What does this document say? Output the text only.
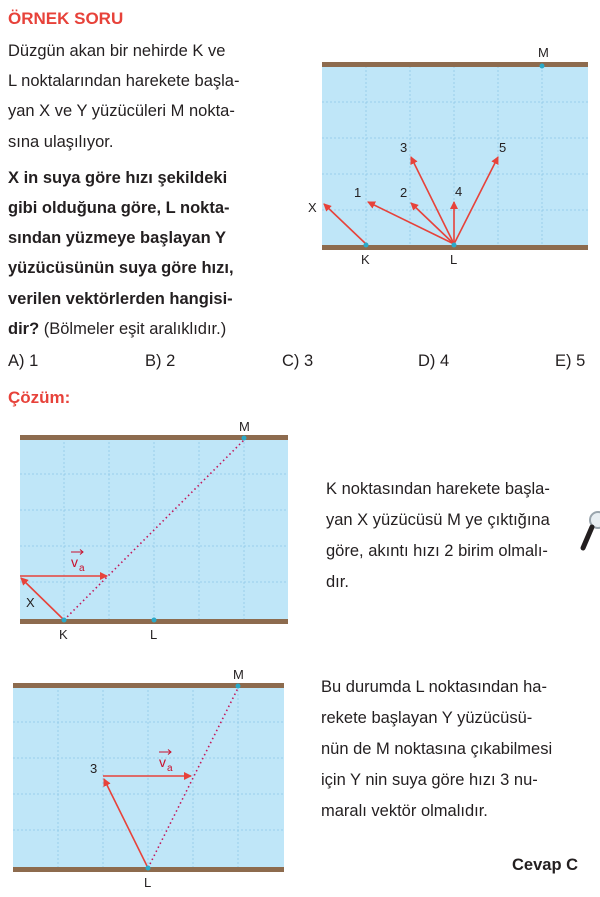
ÖRNEK SORU
Düzgün akan bir nehirde K ve
L noktalarından harekete başla-
yan X ve Y yüzücüleri M nokta-
sına ulaşılıyor.
X in suya göre hızı şekildeki
gibi olduğuna göre, L nokta-
sından yüzmeye başlayan Y
yüzücüsünün suya göre hızı,
verilen vektörlerden hangisi-
dir? (Bölmeler eşit aralıklıdır.)
M
K	L
X
1	2
3
4
5
A) 1	B) 2	C) 3	D) 4	E) 5
Çözüm:
M
K	L
X
v a
K noktasından harekete başla-
yan X yüzücüsü M ye çıktığına
göre, akıntı hızı 2 birim olmalı-
dır.
M
L
3	v a
Bu durumda L noktasından ha-
rekete başlayan Y yüzücüsü-
nün de M noktasına çıkabilmesi
için Y nin suya göre hızı 3 nu-
maralı vektör olmalıdır.
Cevap C
